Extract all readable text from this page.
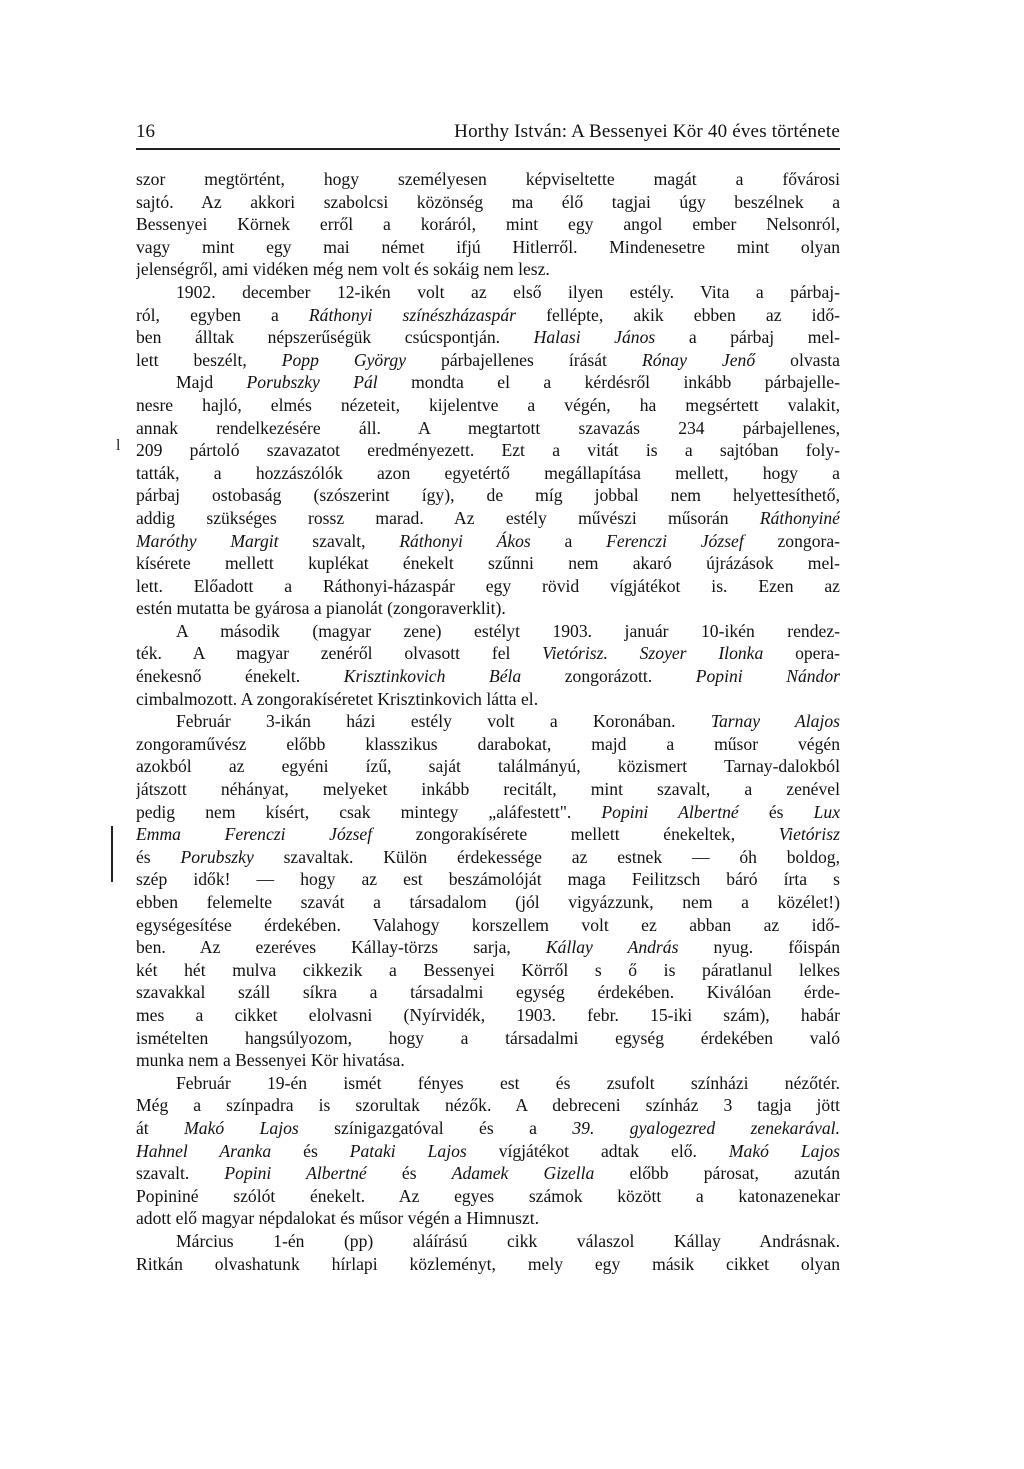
16	Horthy István: A Bessenyei Kör 40 éves története
l
szor megtörtént, hogy személyesen képviseltette magát a fővárosi
sajtó. Az akkori szabolcsi közönség ma élő tagjai úgy beszélnek a
Bessenyei Körnek erről a koráról, mint egy angol ember Nelsonról,
vagy mint egy mai német ifjú Hitlerről. Mindenesetre mint olyan
jelenségről, ami vidéken még nem volt és sokáig nem lesz.
1902. december 12-ikén volt az első ilyen estély. Vita a párbaj-
ról, egyben a Ráthonyi színészházaspár fellépte, akik ebben az idő-
ben álltak népszerűségük csúcspontján. Halasi János a párbaj mel-
lett beszélt, Popp György párbajellenes írását Rónay Jenő olvasta
Majd Porubszky Pál mondta el a kérdésről inkább párbajelle-
nesre hajló, elmés nézeteit, kijelentve a végén, ha megsértett valakit,
annak rendelkezésére áll. A megtartott szavazás 234 párbajellenes,
209 pártoló szavazatot eredményezett. Ezt a vitát is a sajtóban foly-
tatták, a hozzászólók azon egyetértő megállapítása mellett, hogy a
párbaj ostobaság (szószerint így), de míg jobbal nem helyettesíthető,
addig szükséges rossz marad. Az estély művészi műsorán Ráthonyiné
Maróthy Margit szavalt, Ráthonyi Ákos a Ferenczi József zongora-
kísérete mellett kuplékat énekelt szűnni nem akaró újrázások mel-
lett. Előadott a Ráthonyi-házaspár egy rövid vígjátékot is. Ezen az
estén mutatta be gyárosa a pianolát (zongoraverklit).
A második (magyar zene) estélyt 1903. január 10-ikén rendez-
ték. A magyar zenéről olvasott fel Vietórisz. Szoyer Ilonka opera-
énekesnő énekelt. Krisztinkovich Béla zongorázott. Popini Nándor
cimbalmozott. A zongorakíséretet Krisztinkovich látta el.
Február 3-ikán házi estély volt a Koronában. Tarnay Alajos
zongoraművész előbb klasszikus darabokat, majd a műsor végén
azokból az egyéni ízű, saját találmányú, közismert Tarnay-dalokból
játszott néhányat, melyeket inkább recitált, mint szavalt, a zenével
pedig nem kísért, csak mintegy „aláfestett". Popini Albertné és Lux
Emma Ferenczi József zongorakísérete mellett énekeltek, Vietórisz
és Porubszky szavaltak. Külön érdekessége az estnek — óh boldog,
szép idők! — hogy az est beszámolóját maga Feilitzsch báró írta s
ebben felemelte szavát a társadalom (jól vigyázzunk, nem a közélet!)
egységesítése érdekében. Valahogy korszellem volt ez abban az idő-
ben. Az ezeréves Kállay-törzs sarja, Kállay András nyug. főispán
két hét mulva cikkezik a Bessenyei Körről s ő is páratlanul lelkes
szavakkal száll síkra a társadalmi egység érdekében. Kiválóan érde-
mes a cikket elolvasni (Nyírvidék, 1903. febr. 15-iki szám), habár
ismételten hangsúlyozom, hogy a társadalmi egység érdekében való
munka nem a Bessenyei Kör hivatása.
Február 19-én ismét fényes est és zsufolt színházi nézőtér.
Még a színpadra is szorultak nézők. A debreceni színház 3 tagja jött
át Makó Lajos színigazgatóval és a 39. gyalogezred zenekarával.
Hahnel Aranka és Pataki Lajos vígjátékot adtak elő. Makó Lajos
szavalt. Popini Albertné és Adamek Gizella előbb párosat, azután
Popininé szólót énekelt. Az egyes számok között a katonazenekar
adott elő magyar népdalokat és műsor végén a Himnuszt.
Március 1-én (pp) aláírású cikk válaszol Kállay Andrásnak.
Ritkán olvashatunk hírlapi közleményt, mely egy másik cikket olyan
